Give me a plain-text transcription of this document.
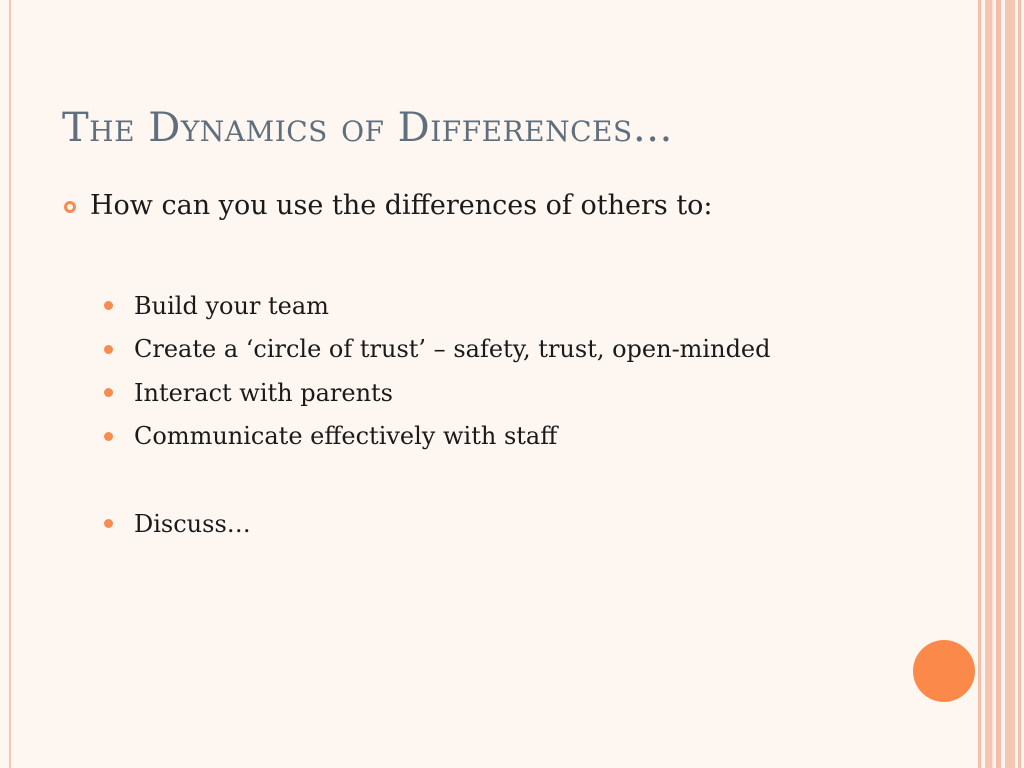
The Dynamics of Differences…
How can you use the differences of others to:
Build your team
Create a ‘circle of trust’ – safety, trust, open-minded
Interact with parents
Communicate effectively with staff
Discuss…
